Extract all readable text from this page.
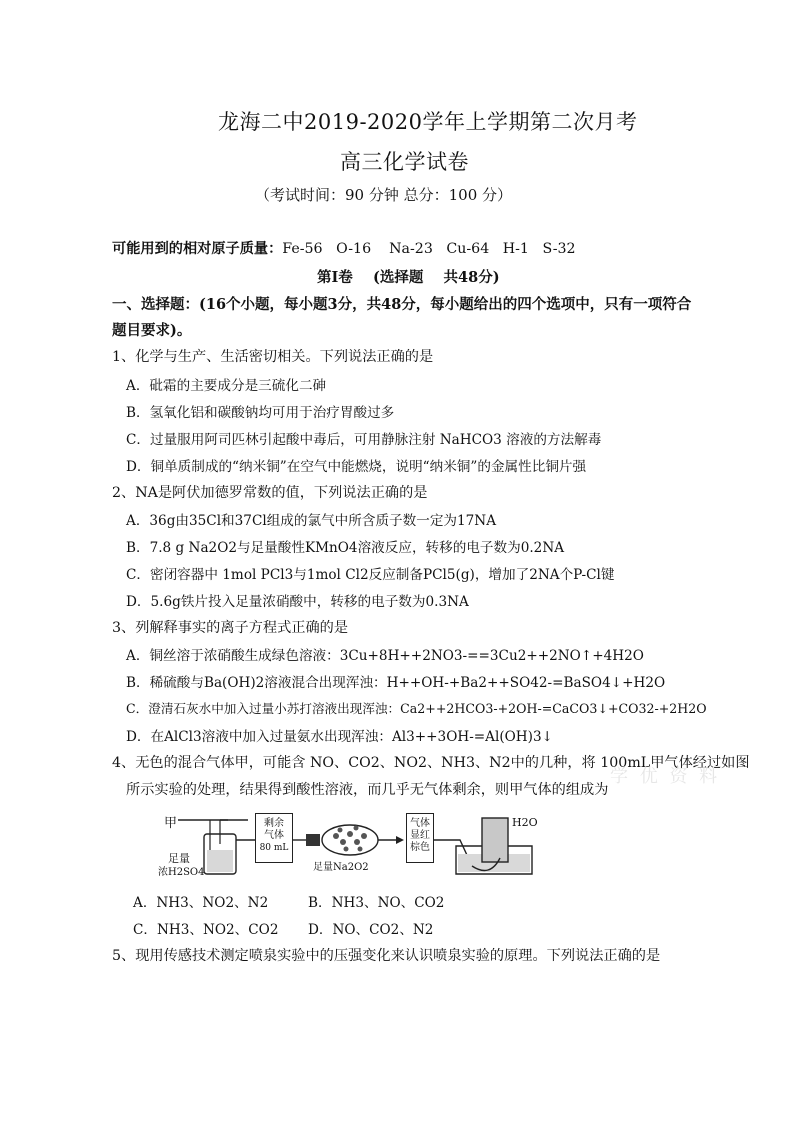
龙海二中2019-2020学年上学期第二次月考
高三化学试卷
（考试时间：90 分钟 总分：100 分）
可能用到的相对原子质量：Fe-56   O-16    Na-23   Cu-64   H-1   S-32
第Ⅰ卷    (选择题    共48分)
一、选择题：(16个小题，每小题3分，共48分，每小题给出的四个选项中，只有一项符合
题目要求)。
1、化学与生产、生活密切相关。下列说法正确的是
A．砒霜的主要成分是三硫化二砷
B．氢氧化铝和碳酸钠均可用于治疗胃酸过多
C．过量服用阿司匹林引起酸中毒后，可用静脉注射 NaHCO3 溶液的方法解毒
D．铜单质制成的“纳米铜”在空气中能燃烧，说明“纳米铜”的金属性比铜片强
2、NA是阿伏加德罗常数的值，下列说法正确的是
A．36g由35Cl和37Cl组成的氯气中所含质子数一定为17NA
B．7.8 g Na2O2与足量酸性KMnO4溶液反应，转移的电子数为0.2NA
C．密闭容器中 1mol PCl3与1mol Cl2反应制备PCl5(g)，增加了2NA个P-Cl键
D．5.6g铁片投入足量浓硝酸中，转移的电子数为0.3NA
3、列解释事实的离子方程式正确的是
A．铜丝溶于浓硝酸生成绿色溶液：3Cu+8H++2NO3-==3Cu2++2NO↑+4H2O
B．稀硫酸与Ba(OH)2溶液混合出现浑浊：H++OH-+Ba2++SO42-=BaSO4↓+H2O
C．澄清石灰水中加入过量小苏打溶液出现浑浊：Ca2++2HCO3-+2OH-=CaCO3↓+CO32-+2H2O
D．在AlCl3溶液中加入过量氨水出现浑浊：Al3++3OH-=Al(OH)3↓
4、无色的混合气体甲，可能含 NO、CO2、NO2、NH3、N2中的几种，将 100mL甲气体经过如图
所示实验的处理，结果得到酸性溶液，而几乎无气体剩余，则甲气体的组成为
学 优 资 料
甲
足量
浓H2SO4
剩余
气体
80 mL
足量Na2O2
气体
显红
棕色
H2O
A．NH3、NO2、N2	B．NH3、NO、CO2
C．NH3、NO2、CO2 D．NO、CO2、N2
5、现用传感技术测定喷泉实验中的压强变化来认识喷泉实验的原理。下列说法正确的是
